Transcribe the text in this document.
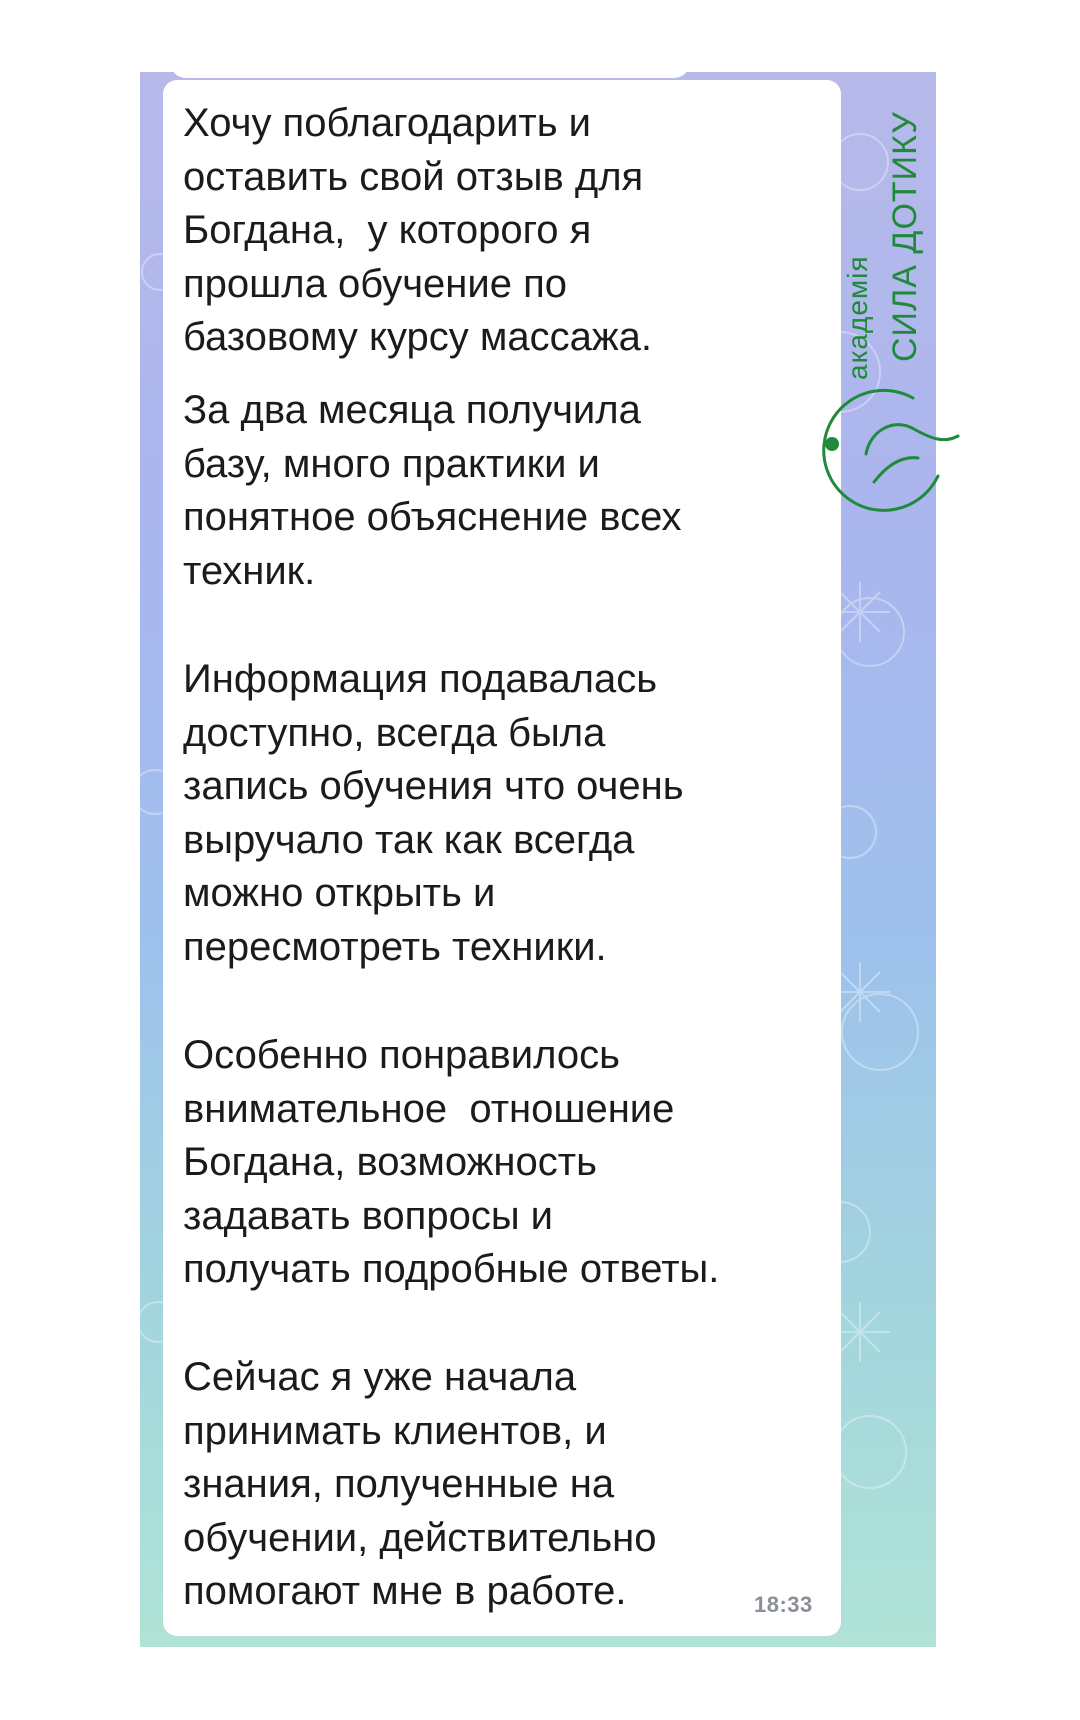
Хочу поблагодарить и
оставить свой отзыв для
Богдана,  у которого я
прошла обучение по
базовому курсу массажа.

За два месяца получила
базу, много практики и
понятное объяснение всех
техник.

Информация подавалась
доступно, всегда была
запись обучения что очень
выручало так как всегда
можно открыть и
пересмотреть техники.

Особенно понравилось
внимательное  отношение
Богдана, возможность
задавать вопросы и
получать подробные ответы.

Сейчас я уже начала
принимать клиентов, и
знания, полученные на
обучении, действительно
помогают мне в работе.	18:33
академія СИЛА ДОТИКУ
